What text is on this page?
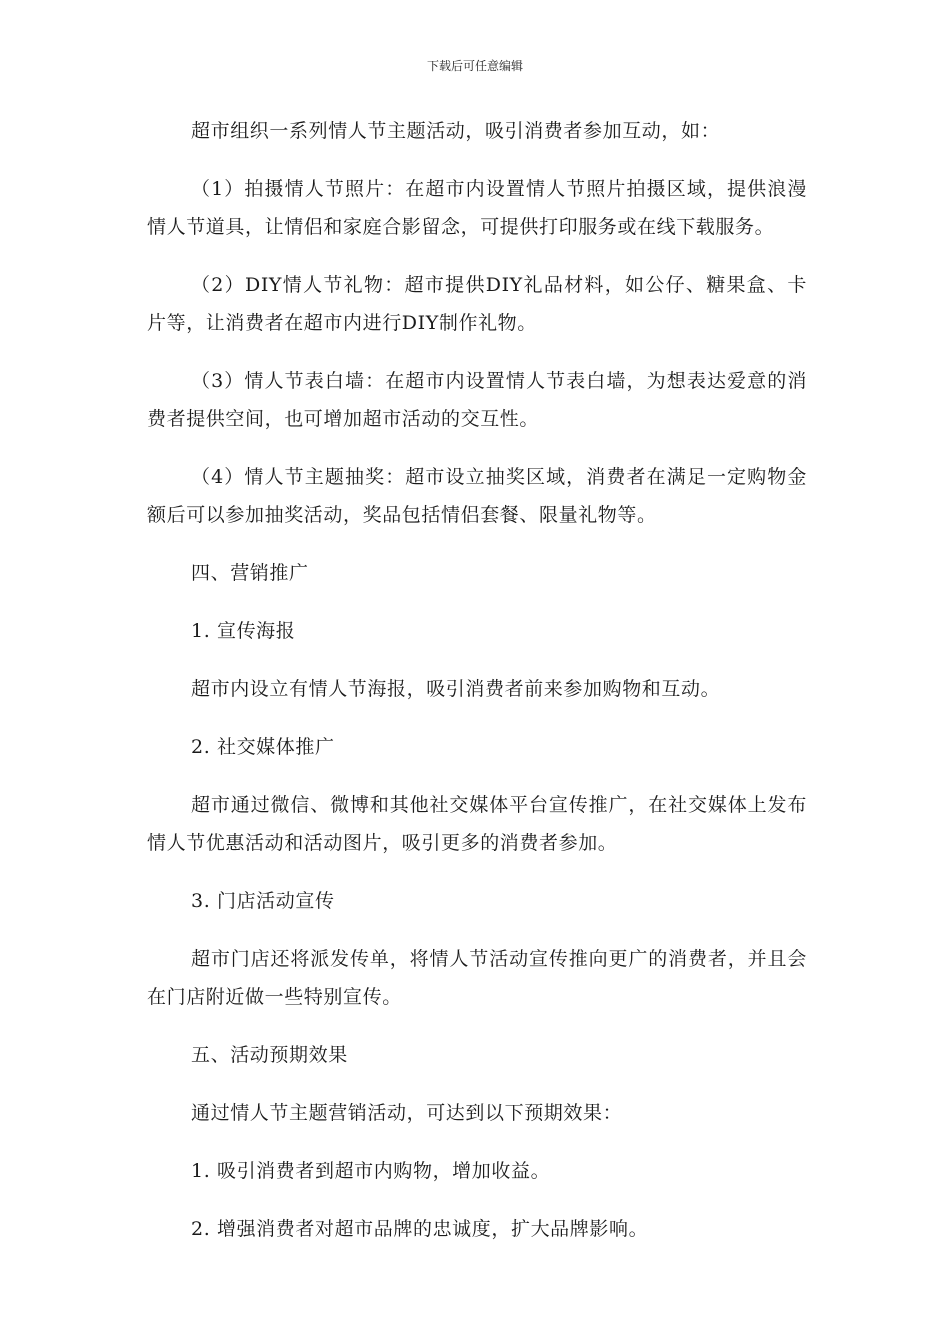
下载后可任意编辑

超市组织一系列情人节主题活动，吸引消费者参加互动，如：

（1）拍摄情人节照片：在超市内设置情人节照片拍摄区域，提供浪漫情人节道具，让情侣和家庭合影留念，可提供打印服务或在线下载服务。

（2）DIY情人节礼物：超市提供DIY礼品材料，如公仔、糖果盒、卡片等，让消费者在超市内进行DIY制作礼物。

（3）情人节表白墙：在超市内设置情人节表白墙，为想表达爱意的消费者提供空间，也可增加超市活动的交互性。

（4）情人节主题抽奖：超市设立抽奖区域，消费者在满足一定购物金额后可以参加抽奖活动，奖品包括情侣套餐、限量礼物等。

四、营销推广

1. 宣传海报

超市内设立有情人节海报，吸引消费者前来参加购物和互动。

2. 社交媒体推广

超市通过微信、微博和其他社交媒体平台宣传推广，在社交媒体上发布情人节优惠活动和活动图片，吸引更多的消费者参加。

3. 门店活动宣传

超市门店还将派发传单，将情人节活动宣传推向更广的消费者，并且会在门店附近做一些特别宣传。

五、活动预期效果

通过情人节主题营销活动，可达到以下预期效果：

1. 吸引消费者到超市内购物，增加收益。

2. 增强消费者对超市品牌的忠诚度，扩大品牌影响。
